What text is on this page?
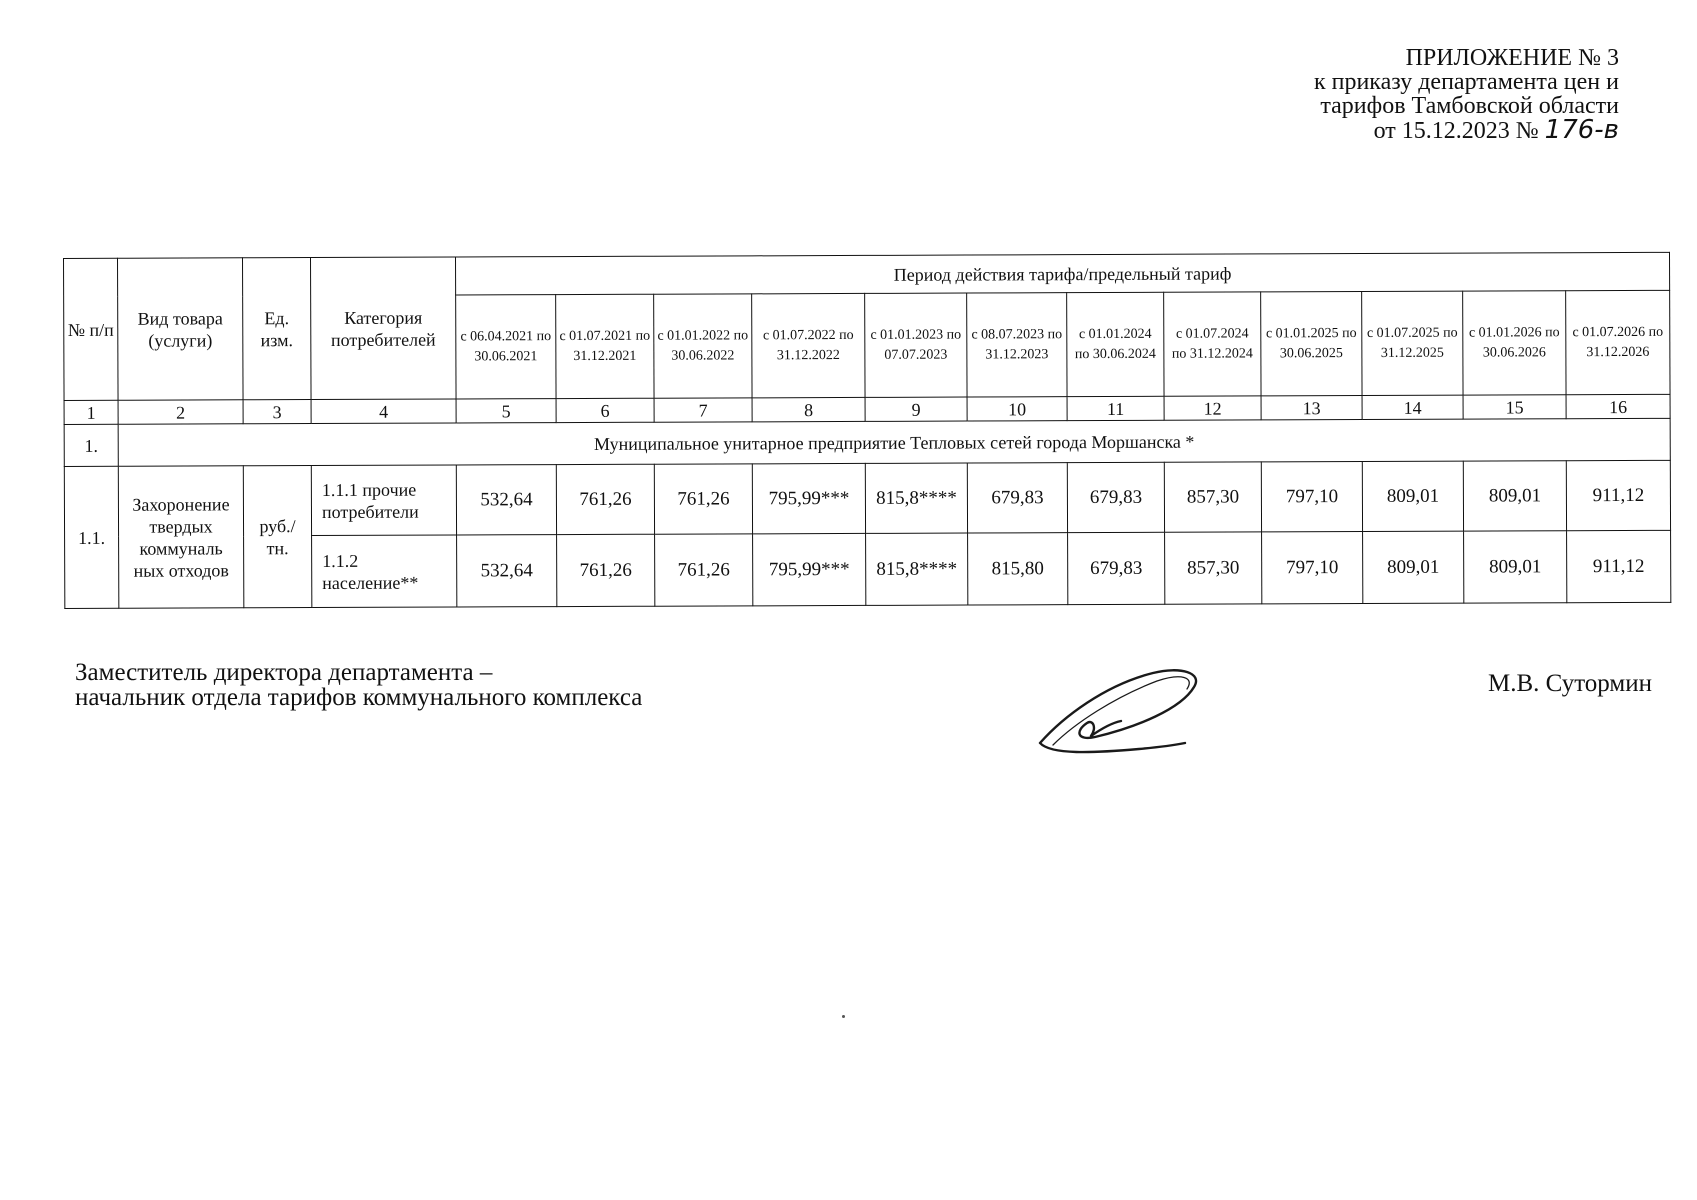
ПРИЛОЖЕНИЕ № 3
к приказу департамента цен и
тарифов Тамбовской области
от 15.12.2023 № 176-в
№ п/п	Вид товара (услуги)	Ед. изм.	Категория потребителей	Период действия тарифа/предельный тариф											
				с 06.04.2021 по 30.06.2021	с 01.07.2021 по 31.12.2021	с 01.01.2022 по 30.06.2022	с 01.07.2022 по 31.12.2022	с 01.01.2023 по 07.07.2023	с 08.07.2023 по 31.12.2023	с 01.01.2024 по 30.06.2024	с 01.07.2024 по 31.12.2024	с 01.01.2025 по 30.06.2025	с 01.07.2025 по 31.12.2025	с 01.01.2026 по 30.06.2026	с 01.07.2026 по 31.12.2026
1	2	3	4	5	6	7	8	9	10	11	12	13	14	15	16
1.	Муниципальное унитарное предприятие Тепловых сетей города Моршанска *														
1.1.	Захоронение твердых коммуналь ных отходов	руб./ тн.	1.1.1 прочие потребители	532,64	761,26	761,26	795,99***	815,8****	679,83	679,83	857,30	797,10	809,01	809,01	911,12
			1.1.2 население**	532,64	761,26	761,26	795,99***	815,8****	815,80	679,83	857,30	797,10	809,01	809,01	911,12
Заместитель директора департамента –
начальник отдела тарифов коммунального комплекса
М.В. Сутормин
